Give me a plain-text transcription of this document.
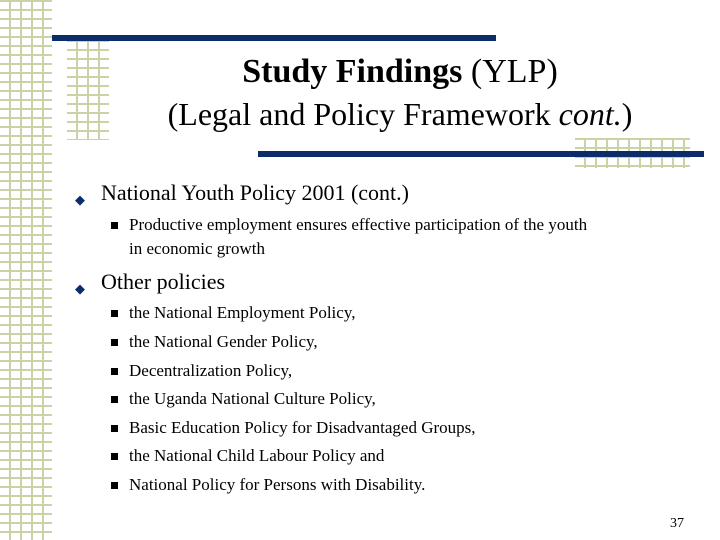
Study Findings (YLP)
(Legal and Policy Framework cont.)
◆ National Youth Policy 2001 (cont.)
Productive employment ensures effective participation of the youth
in economic growth
◆ Other policies
the National Employment Policy,
the National Gender Policy,
Decentralization Policy,
the Uganda National Culture Policy,
Basic Education Policy for Disadvantaged Groups,
the National Child Labour Policy and
National Policy for Persons with Disability.
37
